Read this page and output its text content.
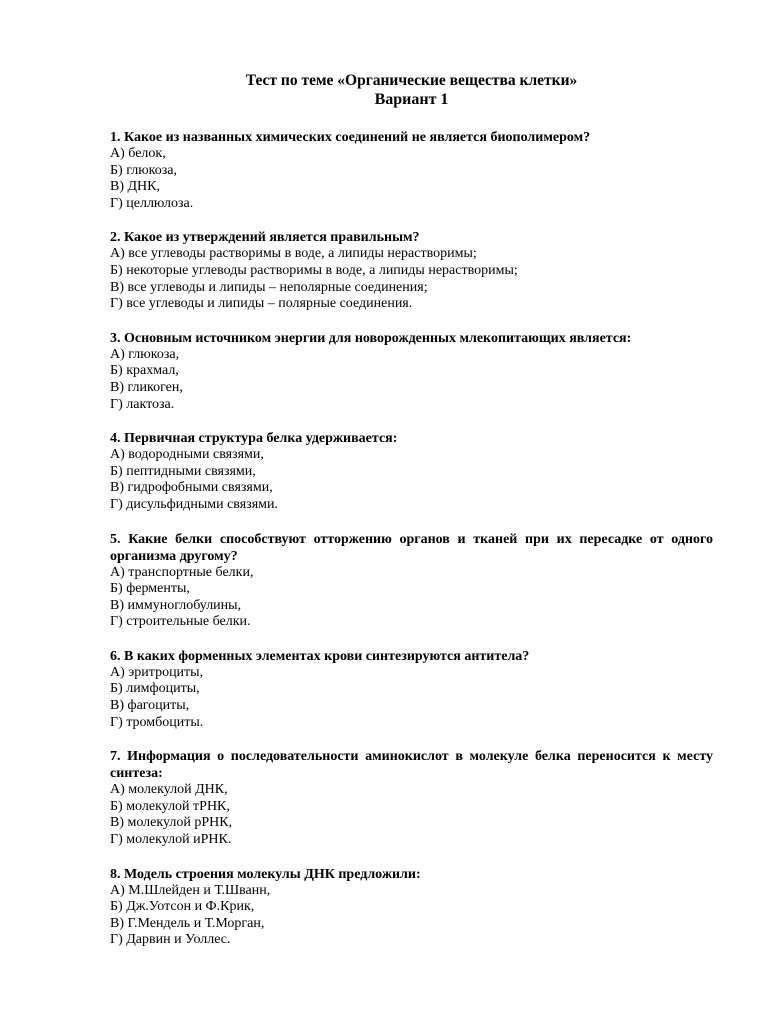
Тест по теме «Органические вещества клетки»
Вариант 1
1. Какое из названных химических соединений не является биополимером?
А) белок,
Б) глюкоза,
В) ДНК,
Г) целлюлоза.
2. Какое из утверждений является правильным?
А) все углеводы растворимы в воде, а липиды нерастворимы;
Б) некоторые углеводы растворимы в воде, а липиды нерастворимы;
В) все углеводы и липиды – неполярные соединения;
Г) все углеводы и липиды – полярные соединения.
3. Основным источником энергии для новорожденных млекопитающих является:
А) глюкоза,
Б) крахмал,
В) гликоген,
Г) лактоза.
4. Первичная структура белка удерживается:
А) водородными связями,
Б) пептидными связями,
В) гидрофобными связями,
Г) дисульфидными связями.
5. Какие белки способствуют отторжению органов и тканей при их пересадке от одного организма другому?
А) транспортные белки,
Б) ферменты,
В) иммуноглобулины,
Г) строительные белки.
6. В каких форменных элементах крови синтезируются антитела?
А) эритроциты,
Б) лимфоциты,
В) фагоциты,
Г) тромбоциты.
7. Информация о последовательности аминокислот в молекуле белка переносится к месту синтеза:
А) молекулой ДНК,
Б) молекулой тРНК,
В) молекулой рРНК,
Г) молекулой иРНК.
8. Модель строения молекулы ДНК предложили:
А) М.Шлейден и Т.Шванн,
Б) Дж.Уотсон и Ф.Крик,
В) Г.Мендель и Т.Морган,
Г) Дарвин и Уоллес.
